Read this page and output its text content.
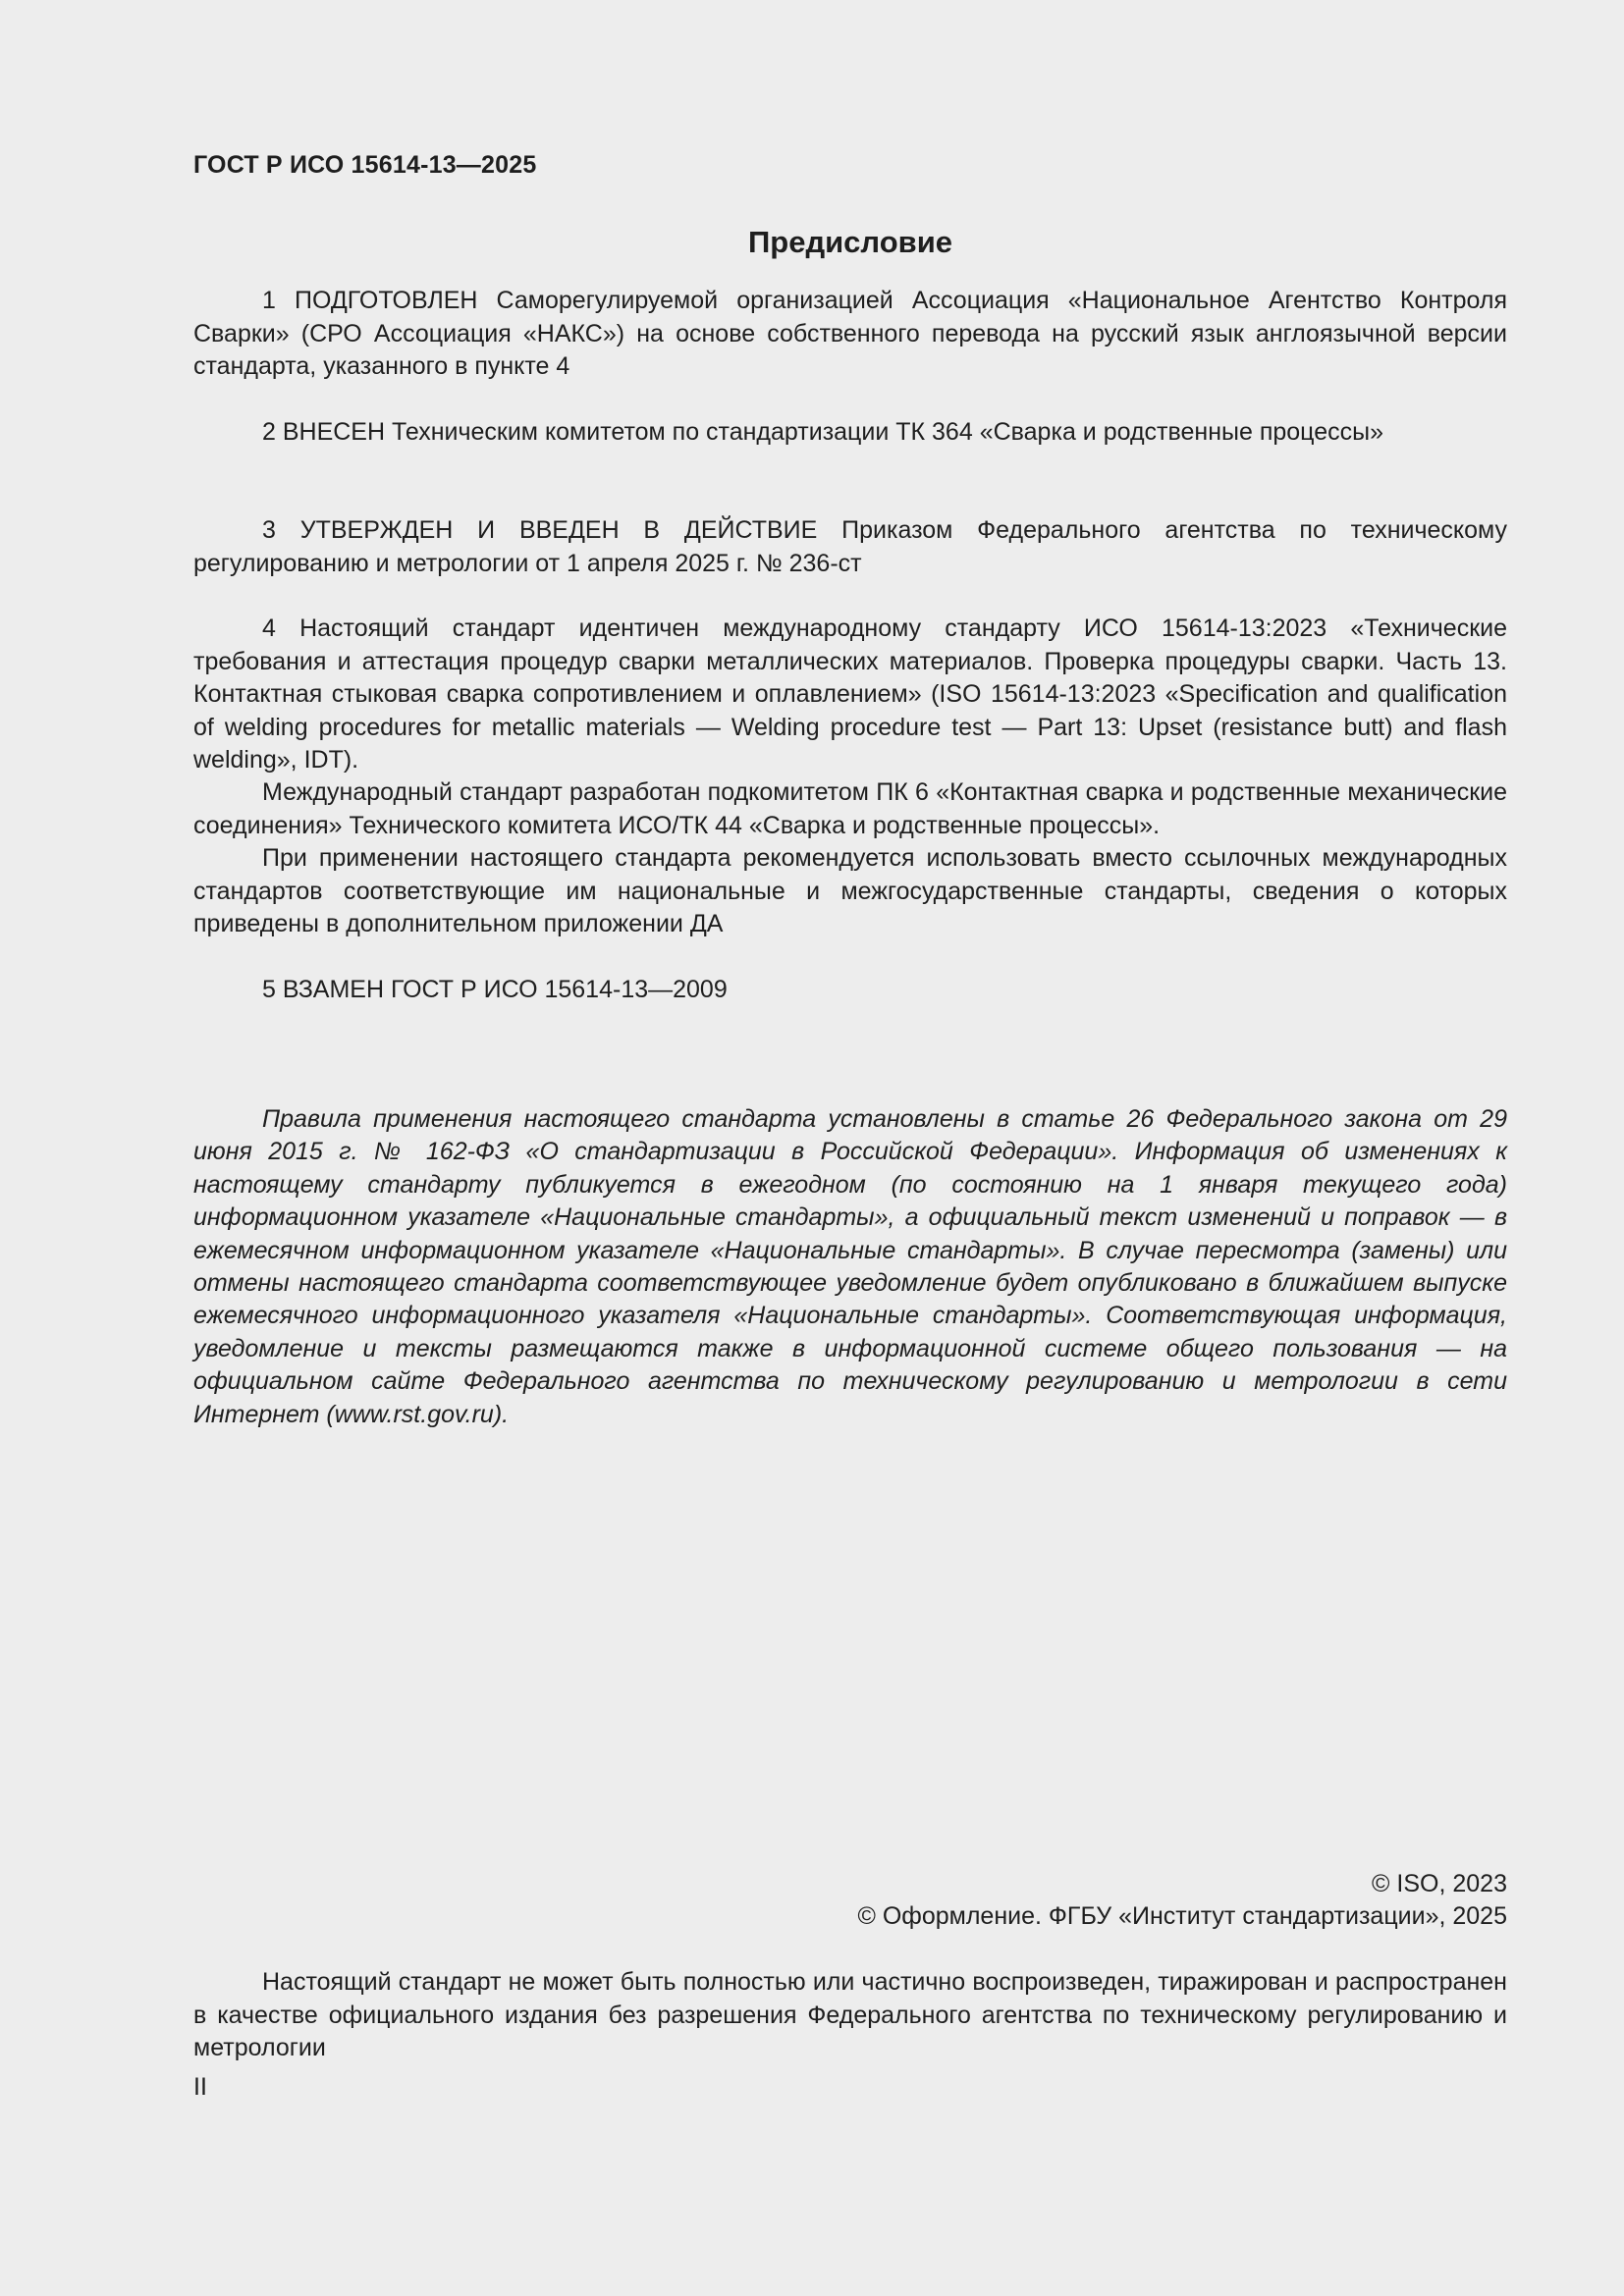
ГОСТ Р ИСО 15614-13—2025
Предисловие

1 ПОДГОТОВЛЕН Саморегулируемой организацией Ассоциация «Национальное Агентство Контроля Сварки» (СРО Ассоциация «НАКС») на основе собственного перевода на русский язык англоязычной версии стандарта, указанного в пункте 4

2 ВНЕСЕН Техническим комитетом по стандартизации ТК 364 «Сварка и родственные процессы»

3 УТВЕРЖДЕН И ВВЕДЕН В ДЕЙСТВИЕ Приказом Федерального агентства по техническому регулированию и метрологии от 1 апреля 2025 г. № 236-ст

4 Настоящий стандарт идентичен международному стандарту ИСО 15614-13:2023 «Технические требования и аттестация процедур сварки металлических материалов. Проверка процедуры сварки. Часть 13. Контактная стыковая сварка сопротивлением и оплавлением» (ISO 15614-13:2023 «Specification and qualification of welding procedures for metallic materials — Welding procedure test — Part 13: Upset (resistance butt) and flash welding», IDT).

Международный стандарт разработан подкомитетом ПК 6 «Контактная сварка и родственные механические соединения» Технического комитета ИСО/ТК 44 «Сварка и родственные процессы».

При применении настоящего стандарта рекомендуется использовать вместо ссылочных международных стандартов соответствующие им национальные и межгосударственные стандарты, сведения о которых приведены в дополнительном приложении ДА

5 ВЗАМЕН ГОСТ Р ИСО 15614-13—2009

Правила применения настоящего стандарта установлены в статье 26 Федерального закона от 29 июня 2015 г. № 162-ФЗ «О стандартизации в Российской Федерации». Информация об изменениях к настоящему стандарту публикуется в ежегодном (по состоянию на 1 января текущего года) информационном указателе «Национальные стандарты», а официальный текст изменений и поправок — в ежемесячном информационном указателе «Национальные стандарты». В случае пересмотра (замены) или отмены настоящего стандарта соответствующее уведомление будет опубликовано в ближайшем выпуске ежемесячного информационного указателя «Национальные стандарты». Соответствующая информация, уведомление и тексты размещаются также в информационной системе общего пользования — на официальном сайте Федерального агентства по техническому регулированию и метрологии в сети Интернет (www.rst.gov.ru).

© ISO, 2023
© Оформление. ФГБУ «Институт стандартизации», 2025

Настоящий стандарт не может быть полностью или частично воспроизведен, тиражирован и распространен в качестве официального издания без разрешения Федерального агентства по техническому регулированию и метрологии

II
